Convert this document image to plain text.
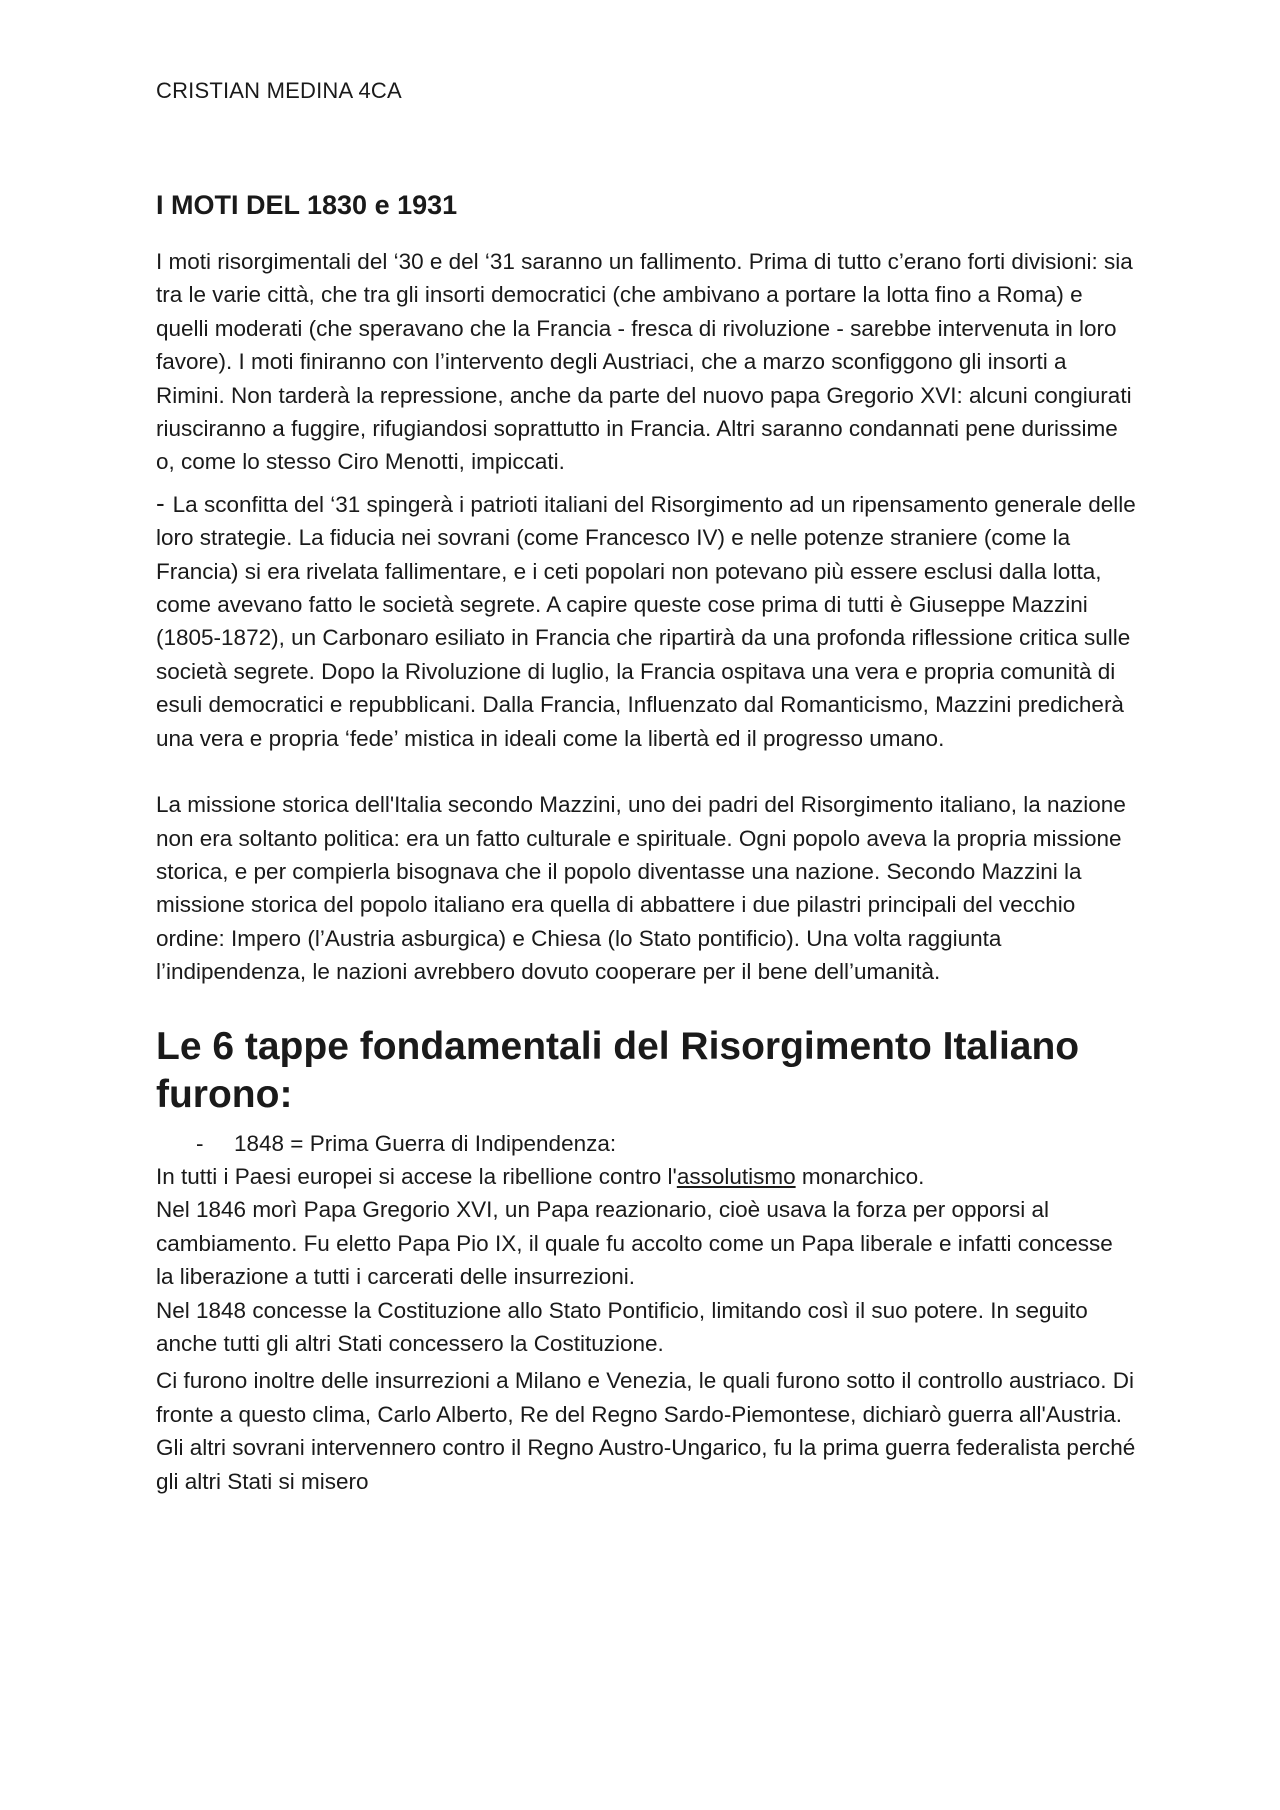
CRISTIAN MEDINA 4CA
I MOTI DEL 1830 e 1931

I moti risorgimentali del ‘30 e del ‘31 saranno un fallimento. Prima di tutto c’erano forti divisioni: sia tra le varie città, che tra gli insorti democratici (che ambivano a portare la lotta fino a Roma) e quelli moderati (che speravano che la Francia - fresca di rivoluzione - sarebbe intervenuta in loro favore). I moti finiranno con l’intervento degli Austriaci, che a marzo sconfiggono gli insorti a Rimini. Non tarderà la repressione, anche da parte del nuovo papa Gregorio XVI: alcuni congiurati riusciranno a fuggire, rifugiandosi soprattutto in Francia. Altri saranno condannati pene durissime o, come lo stesso Ciro Menotti, impiccati.

- La sconfitta del ‘31 spingerà i patrioti italiani del Risorgimento ad un ripensamento generale delle loro strategie. La fiducia nei sovrani (come Francesco IV) e nelle potenze straniere (come la Francia) si era rivelata fallimentare, e i ceti popolari non potevano più essere esclusi dalla lotta, come avevano fatto le società segrete. A capire queste cose prima di tutti è Giuseppe Mazzini (1805-1872), un Carbonaro esiliato in Francia che ripartirà da una profonda riflessione critica sulle società segrete. Dopo la Rivoluzione di luglio, la Francia ospitava una vera e propria comunità di esuli democratici e repubblicani. Dalla Francia, Influenzato dal Romanticismo, Mazzini predicherà una vera e propria ‘fede’ mistica in ideali come la libertà ed il progresso umano.

La missione storica dell'Italia secondo Mazzini, uno dei padri del Risorgimento italiano, la nazione non era soltanto politica: era un fatto culturale e spirituale. Ogni popolo aveva la propria missione storica, e per compierla bisognava che il popolo diventasse una nazione. Secondo Mazzini la missione storica del popolo italiano era quella di abbattere i due pilastri principali del vecchio ordine: Impero (l’Austria asburgica) e Chiesa (lo Stato pontificio). Una volta raggiunta l’indipendenza, le nazioni avrebbero dovuto cooperare per il bene dell’umanità.

Le 6 tappe fondamentali del Risorgimento Italiano furono:

- 1848 = Prima Guerra di Indipendenza:

In tutti i Paesi europei si accese la ribellione contro l'assolutismo monarchico.

Nel 1846 morì Papa Gregorio XVI, un Papa reazionario, cioè usava la forza per opporsi al cambiamento. Fu eletto Papa Pio IX, il quale fu accolto come un Papa liberale e infatti concesse la liberazione a tutti i carcerati delle insurrezioni.

Nel 1848 concesse la Costituzione allo Stato Pontificio, limitando così il suo potere. In seguito anche tutti gli altri Stati concessero la Costituzione.

Ci furono inoltre delle insurrezioni a Milano e Venezia, le quali furono sotto il controllo austriaco. Di fronte a questo clima, Carlo Alberto, Re del Regno Sardo-Piemontese, dichiarò guerra all'Austria. Gli altri sovrani intervennero contro il Regno Austro-Ungarico, fu la prima guerra federalista perché gli altri Stati si misero
